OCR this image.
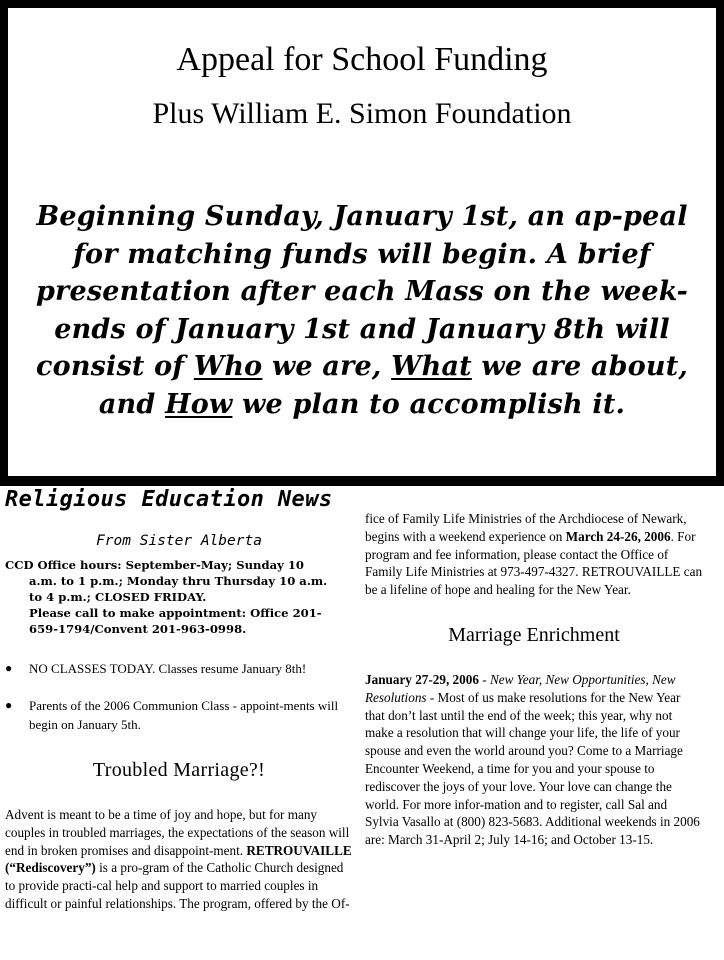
Appeal for School Funding
Plus William E. Simon Foundation

Beginning Sunday, January 1st, an ap-peal for matching funds will begin. A brief presentation after each Mass on the week-ends of January 1st and January 8th will consist of Who we are, What we are about, and How we plan to accomplish it.

Religious Education News
From Sister Alberta

CCD Office hours: September-May; Sunday 10
a.m. to 1 p.m.; Monday thru Thursday 10 a.m.
to 4 p.m.; CLOSED FRIDAY.
Please call to make appointment: Office 201-
659-1794/Convent 201-963-0998.

● NO CLASSES TODAY. Classes resume January 8th!
● Parents of the 2006 Communion Class - appoint-ments will begin on January 5th.
Troubled Marriage?!

Advent is meant to be a time of joy and hope, but for many couples in troubled marriages, the expectations of the season will end in broken promises and disappoint-ment. RETROUVAILLE (“Rediscovery”) is a pro-gram of the Catholic Church designed to provide practi-cal help and support to married couples in difficult or painful relationships. The program, offered by the Of-

fice of Family Life Ministries of the Archdiocese of Newark, begins with a weekend experience on March 24-26, 2006. For program and fee information, please contact the Office of Family Life Ministries at 973-497-4327. RETROUVAILLE can be a lifeline of hope and healing for the New Year.

Marriage Enrichment

January 27-29, 2006 - New Year, New Opportunities, New Resolutions - Most of us make resolutions for the New Year that don’t last until the end of the week; this year, why not make a resolution that will change your life, the life of your spouse and even the world around you? Come to a Marriage Encounter Weekend, a time for you and your spouse to rediscover the joys of your love. Your love can change the world. For more infor-mation and to register, call Sal and Sylvia Vasallo at (800) 823-5683. Additional weekends in 2006 are: March 31-April 2; July 14-16; and October 13-15.
